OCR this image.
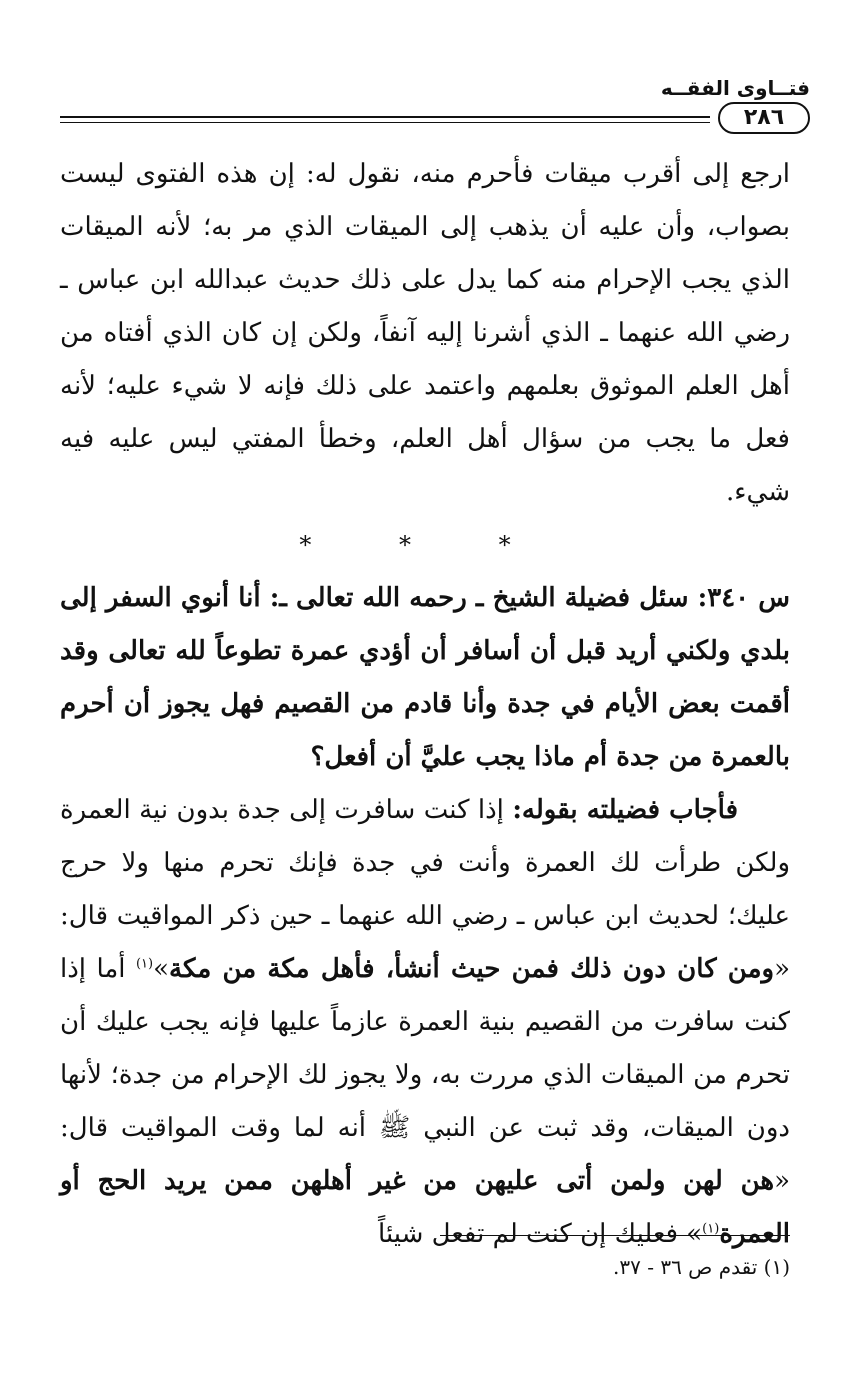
فتــاوى الفقــه
٢٨٦

ارجع إلى أقرب ميقات فأحرم منه، نقول له: إن هذه الفتوى ليست بصواب، وأن عليه أن يذهب إلى الميقات الذي مر به؛ لأنه الميقات الذي يجب الإحرام منه كما يدل على ذلك حديث عبدالله ابن عباس ـ رضي الله عنهما ـ الذي أشرنا إليه آنفاً، ولكن إن كان الذي أفتاه من أهل العلم الموثوق بعلمهم واعتمد على ذلك فإنه لا شيء عليه؛ لأنه فعل ما يجب من سؤال أهل العلم، وخطأ المفتي ليس عليه فيه شيء.

* * *

س ٣٤٠: سئل فضيلة الشيخ ـ رحمه الله تعالى ـ: أنا أنوي السفر إلى بلدي ولكني أريد قبل أن أسافر أن أؤدي عمرة تطوعاً لله تعالى وقد أقمت بعض الأيام في جدة وأنا قادم من القصيم فهل يجوز أن أحرم بالعمرة من جدة أم ماذا يجب عليَّ أن أفعل؟

فأجاب فضيلته بقوله: إذا كنت سافرت إلى جدة بدون نية العمرة ولكن طرأت لك العمرة وأنت في جدة فإنك تحرم منها ولا حرج عليك؛ لحديث ابن عباس ـ رضي الله عنهما ـ حين ذكر المواقيت قال: «ومن كان دون ذلك فمن حيث أنشأ، فأهل مكة من مكة»$^{(١)}$ أما إذا كنت سافرت من القصيم بنية العمرة عازماً عليها فإنه يجب عليك أن تحرم من الميقات الذي مررت به، ولا يجوز لك الإحرام من جدة؛ لأنها دون الميقات، وقد ثبت عن النبي ﷺ أنه لما وقت المواقيت قال: «هن لهن ولمن أتى عليهن من غير أهلهن ممن يريد الحج أو العمرة$^{(١)}$» فعليك إن كنت لم تفعل شيئاً

(١) تقدم ص ٣٦ - ٣٧.
